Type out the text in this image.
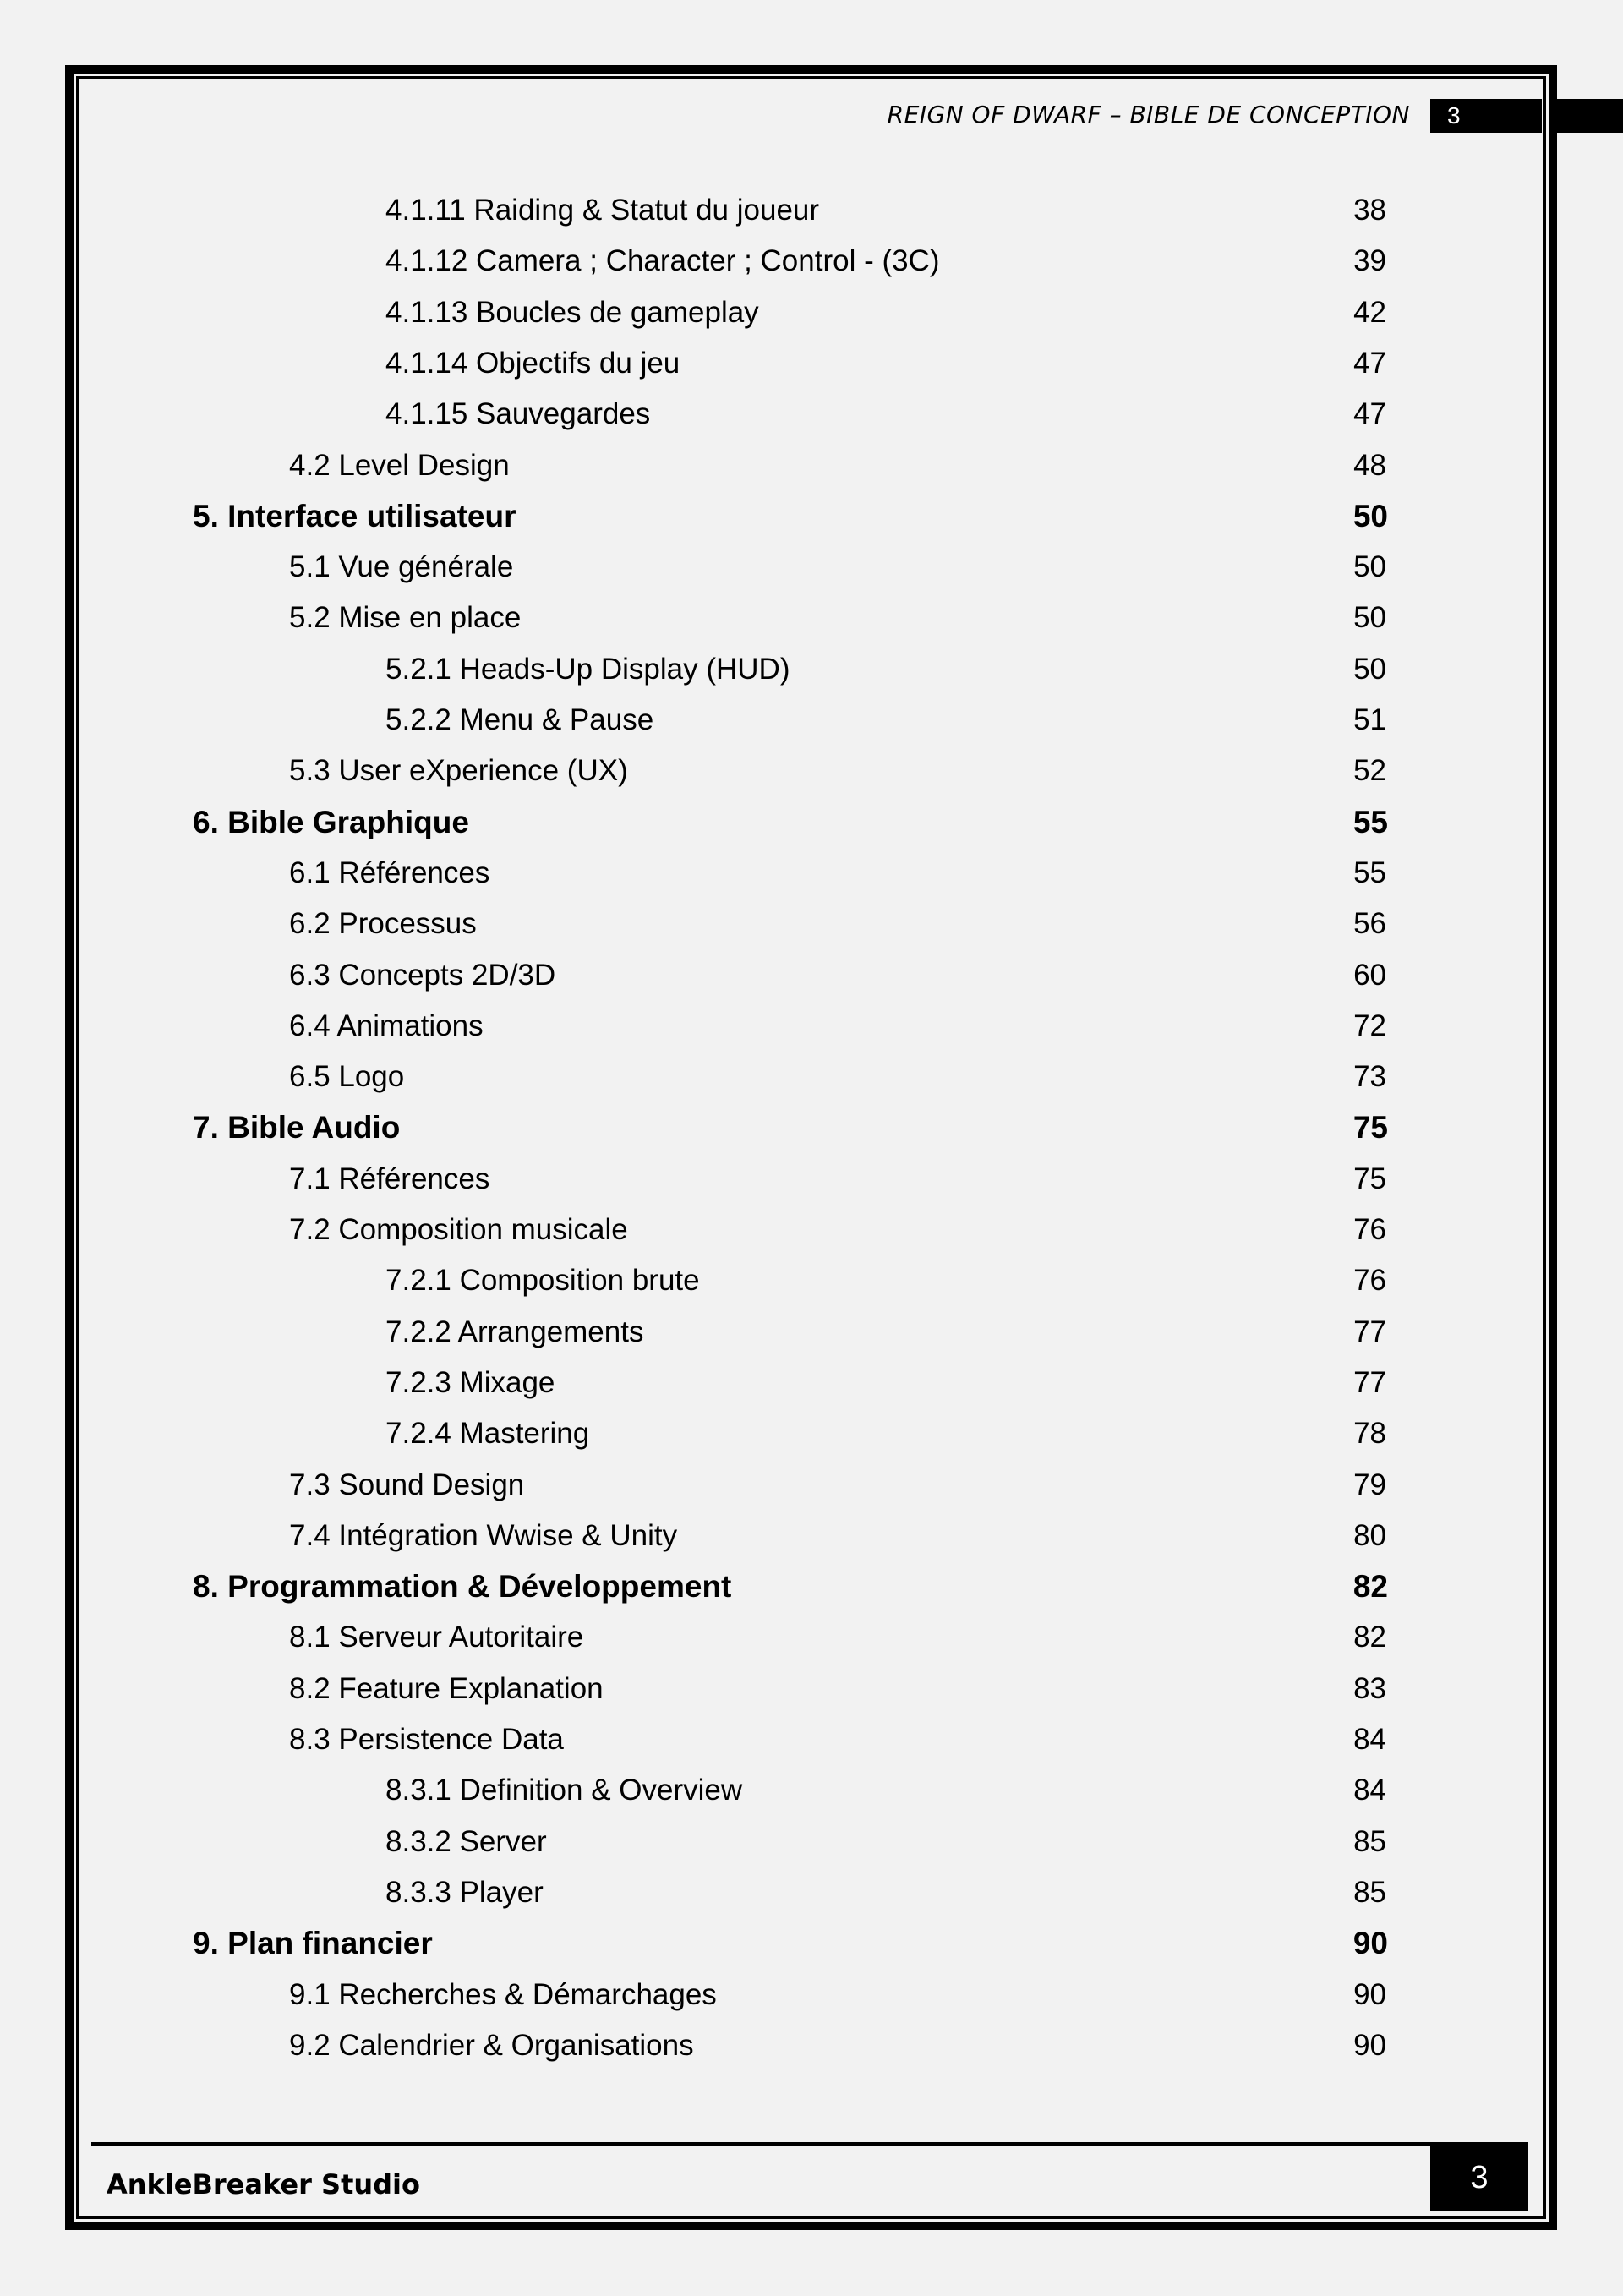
REIGN OF DWARF – BIBLE DE CONCEPTION	3
4.1.11 Raiding & Statut du joueur	38
4.1.12 Camera ; Character ; Control - (3C)	39
4.1.13 Boucles de gameplay	42
4.1.14 Objectifs du jeu	47
4.1.15 Sauvegardes	47
4.2 Level Design	48
5. Interface utilisateur	50
5.1 Vue générale	50
5.2 Mise en place	50
5.2.1 Heads-Up Display (HUD)	50
5.2.2 Menu & Pause	51
5.3 User eXperience (UX)	52
6. Bible Graphique	55
6.1 Références	55
6.2 Processus	56
6.3 Concepts 2D/3D	60
6.4 Animations	72
6.5 Logo	73
7. Bible Audio	75
7.1 Références	75
7.2 Composition musicale	76
7.2.1 Composition brute	76
7.2.2 Arrangements	77
7.2.3 Mixage	77
7.2.4 Mastering	78
7.3 Sound Design	79
7.4 Intégration Wwise & Unity	80
8. Programmation & Développement	82
8.1 Serveur Autoritaire	82
8.2 Feature Explanation	83
8.3 Persistence Data	84
8.3.1 Definition & Overview	84
8.3.2 Server	85
8.3.3 Player	85
9. Plan financier	90
9.1 Recherches & Démarchages	90
9.2 Calendrier & Organisations	90
AnkleBreaker Studio	3
